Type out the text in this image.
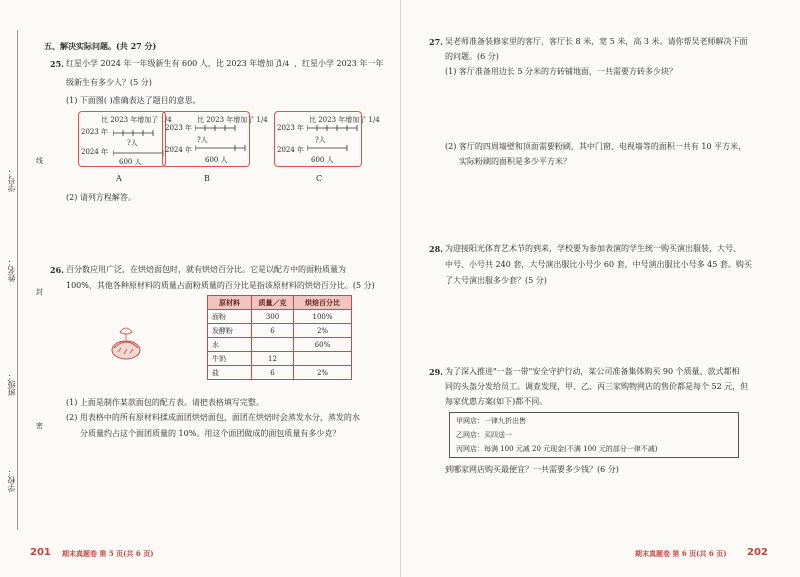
学号：
姓名：
班级：
学校：
线
封
密
五、解决实际问题。(共 27 分)
25. 红星小学 2024 年一年级新生有 600 人，比 2023 年增加了
1/4 ，红星小学 2023 年一年
级新生有多少人？(5 分)
(1) 下面图( )准确表达了题目的意思。
比 2023 年增加了 1/4
2023 年
?人
2024 年
600 人
2023 年
比 2023 年增加了 1/4
?人
2024 年
600 人
2023 年
比 2023 年增加了 1/4
?人
2024 年
600 人
A	B	C
(2) 请列方程解答。
26. 百分数应用广泛，在烘焙面包时，就有烘焙百分比。它是以配方中的面粉质量为
100%，其他各种原材料的质量占面粉质量的百分比是指该原材料的烘焙百分比。(5 分)
原材料	质量／克	烘焙百分比
面粉	300	100%
发酵粉	6	2%
水		60%
牛奶	12	
盐	6	2%
(1) 上面是制作某款面包的配方表。请把表格填写完整。
(2) 用表格中的所有原材料揉成面团烘焙面包，面团在烘焙时会蒸发水分，蒸发的水
分质量约占这个面团质量的 10%。用这个面团做成的面包质量有多少克？
201 期末真题卷 第 5 页(共 6 页)
27. 吴老师准备装修家里的客厅，客厅长 8 米，宽 5 米，高 3 米。请你帮吴老师解决下面
的问题。(6 分)
(1) 客厅准备用边长 5 分米的方砖铺地面，一共需要方砖多少块？
(2) 客厅的四周墙壁和顶面需要粉刷，其中门窗、电视墙等的面积一共有 10 平方米，
实际粉刷的面积是多少平方米？
28. 为迎接阳光体育艺术节的到来，学校要为参加表演的学生统一购买演出服装，大号、
中号、小号共 240 套，大号演出服比小号少 60 套，中号演出服比小号多 45 套。购买
了大号演出服多少套？(5 分)
29. 为了深入推进"一盔一带"安全守护行动，某公司准备集体购买 90 个质量、款式都相
同的头盔分发给员工。调查发现，甲、乙、丙三家购物网店的售价都是每个 52 元，但
每家优惠方案(如下)都不同。
期末真题卷 第 6 页(共 6 页) 202
甲网店：一律九折出售
乙网店：买四送一
丙网店：每满 100 元减 20 元现金(不满 100 元的部分一律不减)
到哪家网店购买最便宜？一共需要多少钱？(6 分)
